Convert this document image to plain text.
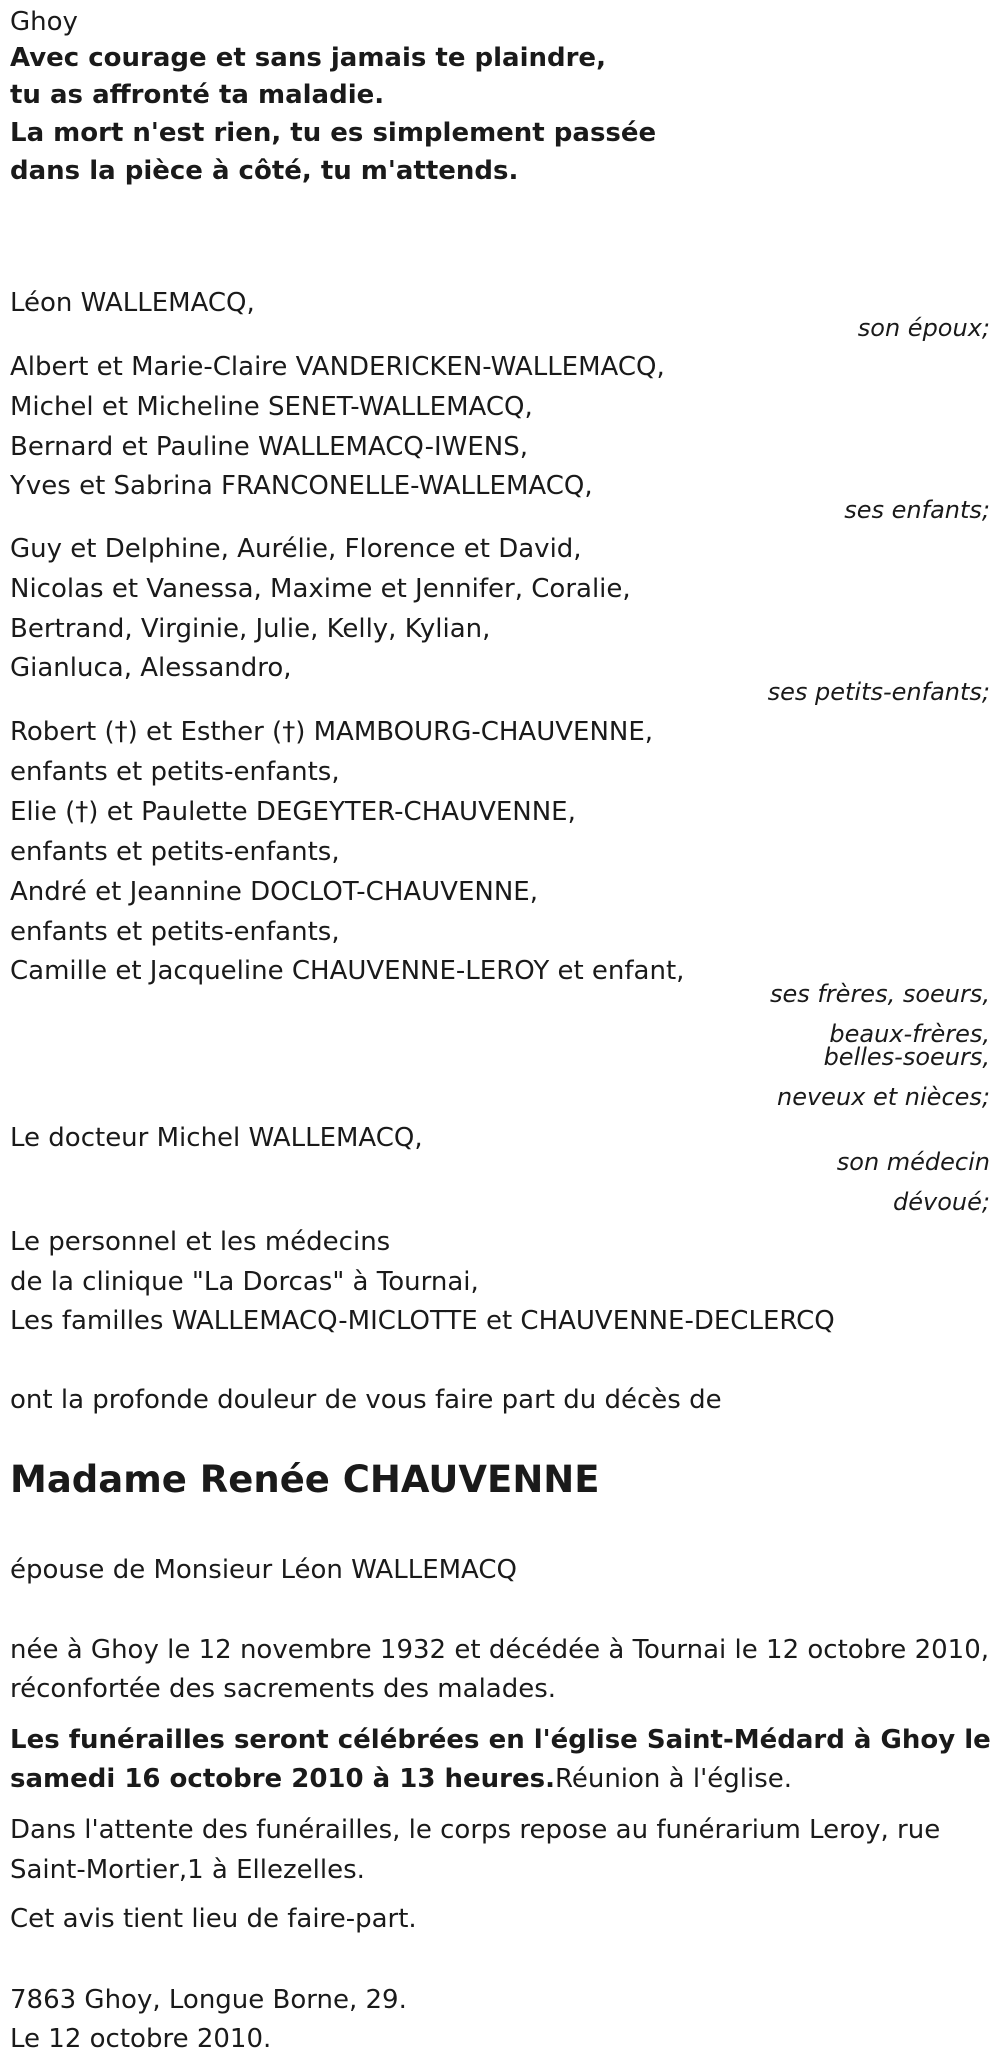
Ghoy
Avec courage et sans jamais te plaindre,
tu as affronté ta maladie.
La mort n'est rien, tu es simplement passée
dans la pièce à côté, tu m'attends.
Léon WALLEMACQ,
son époux;
Albert et Marie-Claire VANDERICKEN-WALLEMACQ,
Michel et Micheline SENET-WALLEMACQ,
Bernard et Pauline WALLEMACQ-IWENS,
Yves et Sabrina FRANCONELLE-WALLEMACQ,
ses enfants;
Guy et Delphine, Aurélie, Florence et David,
Nicolas et Vanessa, Maxime et Jennifer, Coralie,
Bertrand, Virginie, Julie, Kelly, Kylian,
Gianluca, Alessandro,
ses petits-enfants;
Robert (†) et Esther (†) MAMBOURG-CHAUVENNE,
enfants et petits-enfants,
Elie (†) et Paulette DEGEYTER-CHAUVENNE,
enfants et petits-enfants,
André et Jeannine DOCLOT-CHAUVENNE,
enfants et petits-enfants,
Camille et Jacqueline CHAUVENNE-LEROY et enfant,
ses frères, soeurs,
beaux-frères,
belles-soeurs,
neveux et nièces;
Le docteur Michel WALLEMACQ,
son médecin
dévoué;
Le personnel et les médecins
de la clinique "La Dorcas" à Tournai,
Les familles WALLEMACQ-MICLOTTE et CHAUVENNE-DECLERCQ
ont la profonde douleur de vous faire part du décès de
Madame Renée CHAUVENNE
épouse de Monsieur Léon WALLEMACQ
née à Ghoy le 12 novembre 1932 et décédée à Tournai le 12 octobre 2010,
réconfortée des sacrements des malades.
Les funérailles seront célébrées en l'église Saint-Médard à Ghoy le
samedi 16 octobre 2010 à 13 heures.Réunion à l'église.
Dans l'attente des funérailles, le corps repose au funérarium Leroy, rue
Saint-Mortier,1 à Ellezelles.
Cet avis tient lieu de faire-part.
7863 Ghoy, Longue Borne, 29.
Le 12 octobre 2010.
